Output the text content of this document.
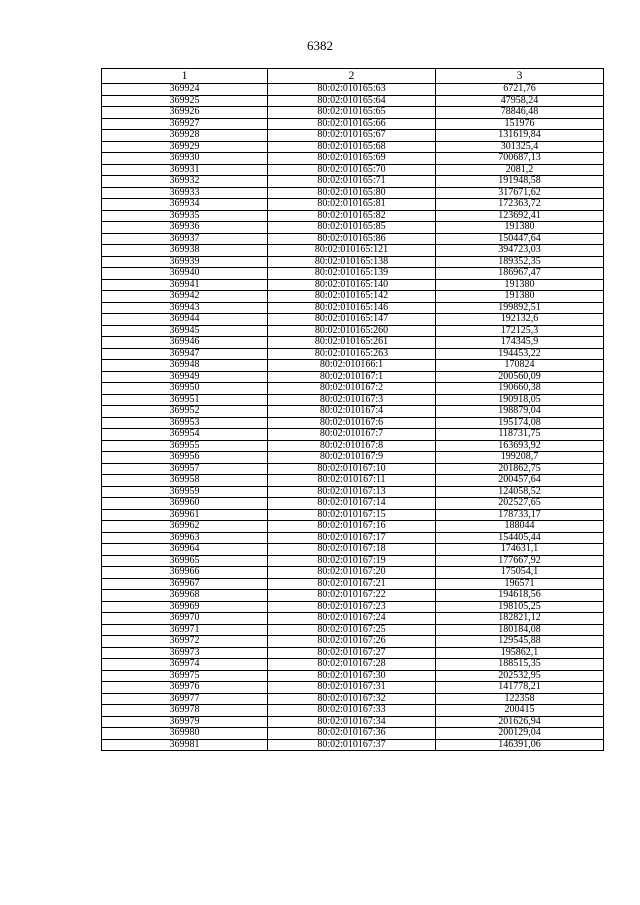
6382
1	2	3
369924	80:02:010165:63	6721,76
369925	80:02:010165:64	47958,24
369926	80:02:010165:65	78846,48
369927	80:02:010165:66	151976
369928	80:02:010165:67	131619,84
369929	80:02:010165:68	301325,4
369930	80:02:010165:69	700687,13
369931	80:02:010165:70	2081,2
369932	80:02:010165:71	191948,58
369933	80:02:010165:80	317671,62
369934	80:02:010165:81	172363,72
369935	80:02:010165:82	123692,41
369936	80:02:010165:85	191380
369937	80:02:010165:86	150447,64
369938	80:02:010165:121	394723,03
369939	80:02:010165:138	189352,35
369940	80:02:010165:139	186967,47
369941	80:02:010165:140	191380
369942	80:02:010165:142	191380
369943	80:02:010165:146	199892,51
369944	80:02:010165:147	192132,6
369945	80:02:010165:260	172125,3
369946	80:02:010165:261	174345,9
369947	80:02:010165:263	194453,22
369948	80:02:010166:1	170824
369949	80:02:010167:1	200560,09
369950	80:02:010167:2	190660,38
369951	80:02:010167:3	190918,05
369952	80:02:010167:4	198879,04
369953	80:02:010167:6	195174,08
369954	80:02:010167:7	118731,75
369955	80:02:010167:8	163693,92
369956	80:02:010167:9	199208,7
369957	80:02:010167:10	201862,75
369958	80:02:010167:11	200457,64
369959	80:02:010167:13	124058,52
369960	80:02:010167:14	202527,65
369961	80:02:010167:15	178733,17
369962	80:02:010167:16	188044
369963	80:02:010167:17	154405,44
369964	80:02:010167:18	174631,1
369965	80:02:010167:19	177667,92
369966	80:02:010167:20	175054,1
369967	80:02:010167:21	196571
369968	80:02:010167:22	194618,56
369969	80:02:010167:23	198105,25
369970	80:02:010167:24	182821,12
369971	80:02:010167:25	180184,08
369972	80:02:010167:26	129545,88
369973	80:02:010167:27	195862,1
369974	80:02:010167:28	188515,35
369975	80:02:010167:30	202532,95
369976	80:02:010167:31	141778,21
369977	80:02:010167:32	122358
369978	80:02:010167:33	200415
369979	80:02:010167:34	201626,94
369980	80:02:010167:36	200129,04
369981	80:02:010167:37	146391,06
